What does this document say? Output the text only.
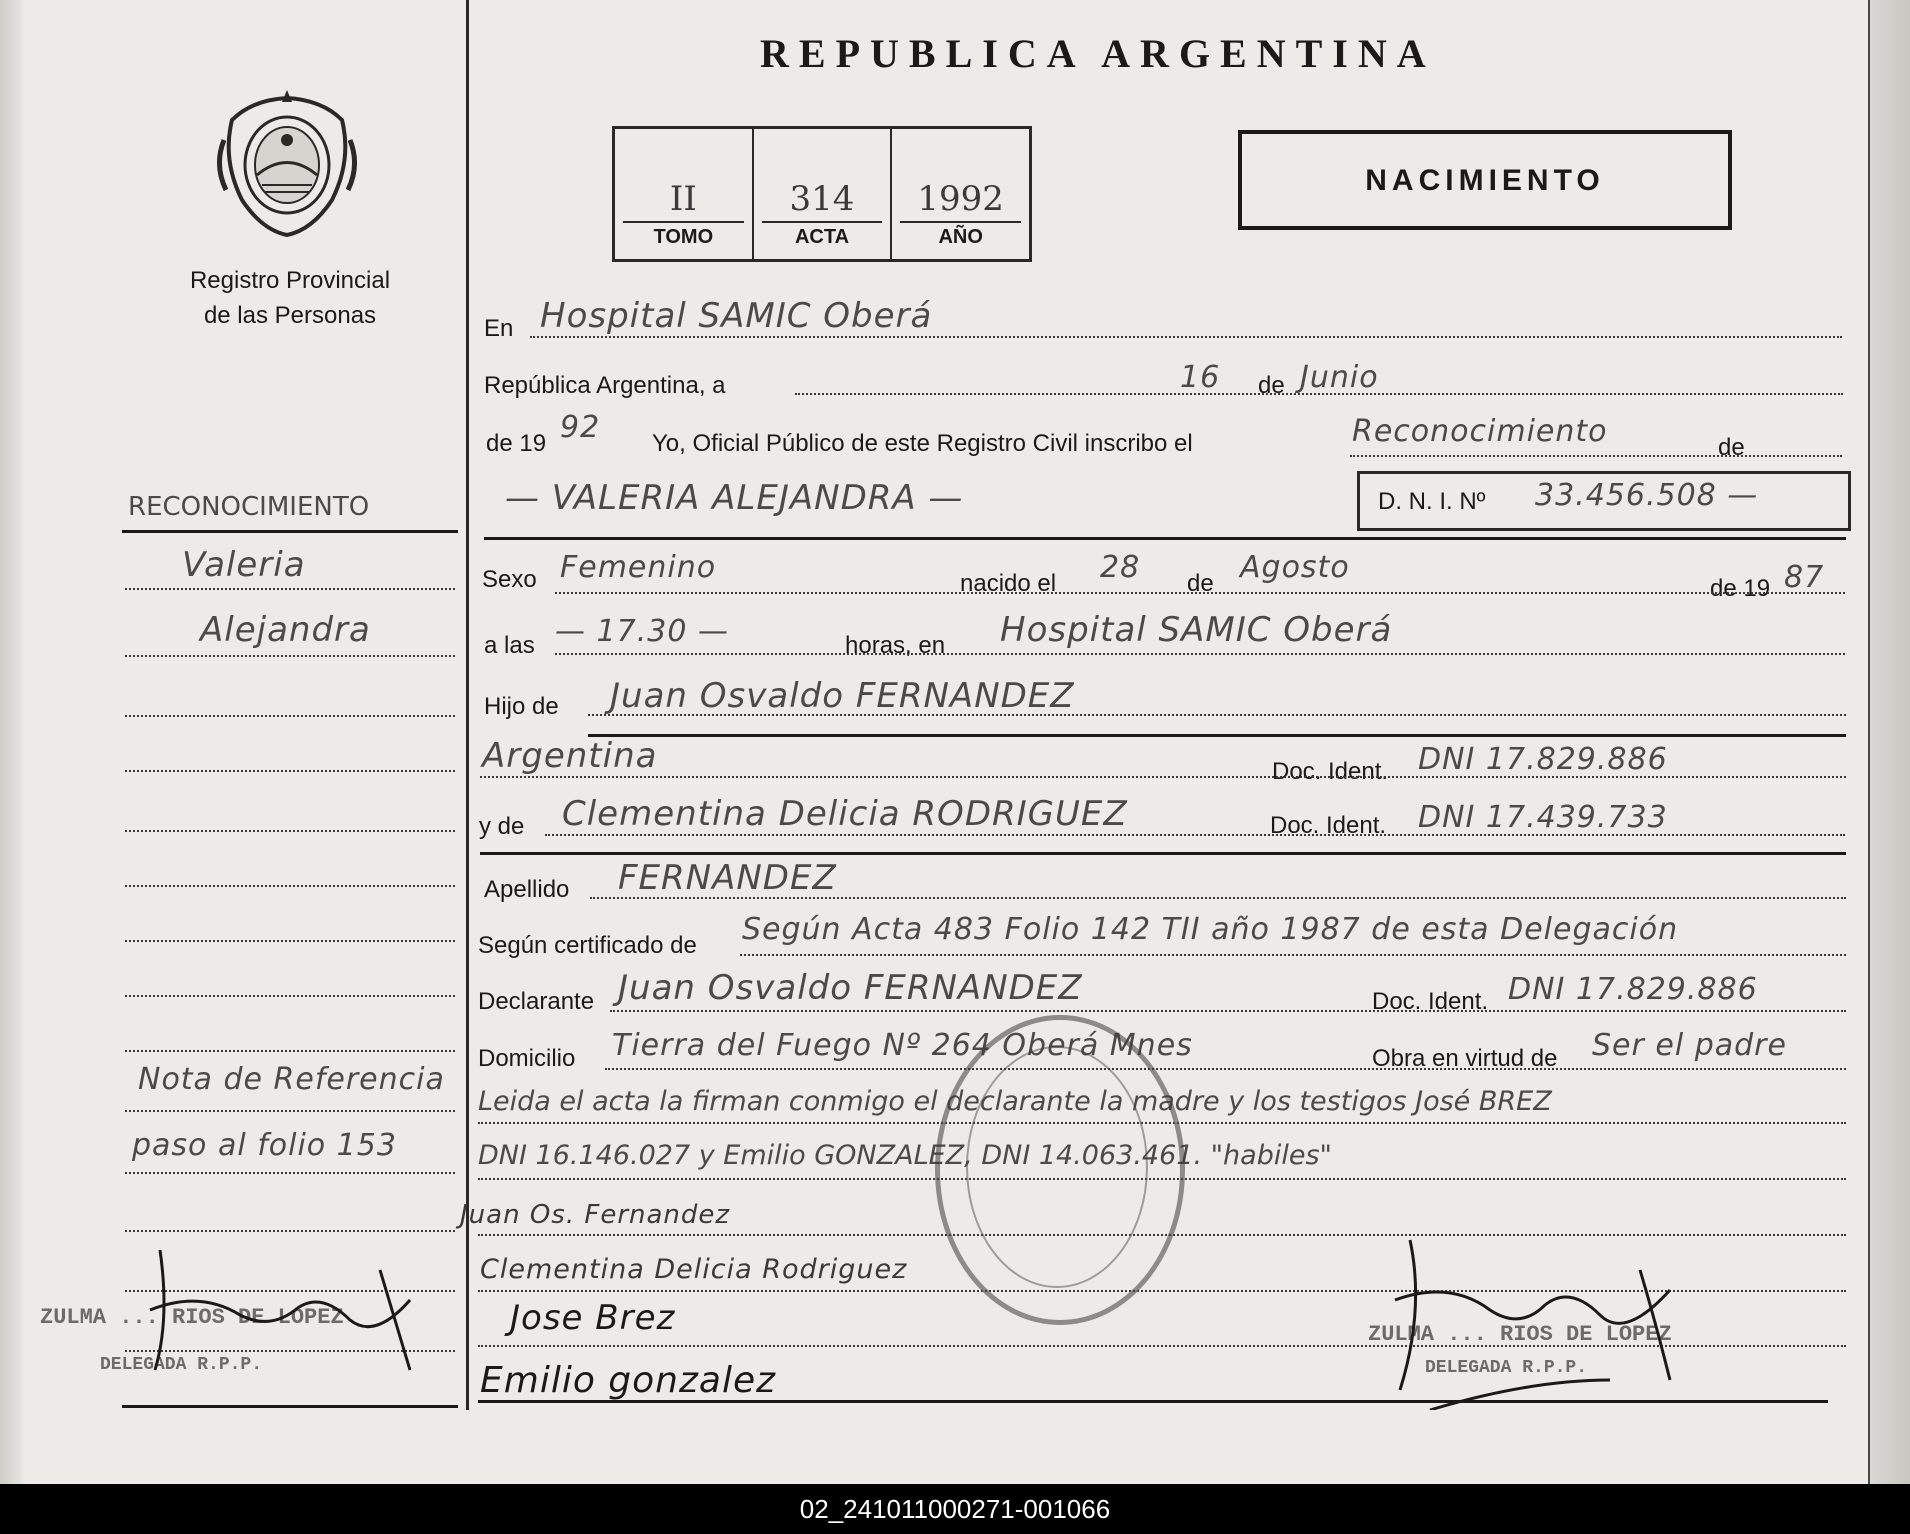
Registro Provincial
de las Personas
REPUBLICA ARGENTINA
II
TOMO
314
ACTA
1992
AÑO
NACIMIENTO
RECONOCIMIENTO
Valeria
Alejandra
Nota de Referencia
paso al folio 153
ZULMA ... RIOS DE LOPEZ
DELEGADA R.P.P.
En Hospital SAMIC Oberá
República Argentina, a	16 de Junio
de 19 92 Yo, Oficial Público de este Registro Civil inscribo el	Reconocimiento	de
— VALERIA ALEJANDRA —	D. N. I. Nº 33.456.508 —
Sexo Femenino	nacido el 28 de Agosto
de 19 87
a las — 17.30 —	horas, en Hospital SAMIC Oberá
Hijo de Juan Osvaldo FERNANDEZ
Argentina	Doc. Ident. DNI 17.829.886
y de Clementina Delicia RODRIGUEZ	Doc. Ident. DNI 17.439.733
Apellido FERNANDEZ
Según certificado de Según Acta 483 Folio 142 TII año 1987 de esta Delegación
Declarante Juan Osvaldo FERNANDEZ	Doc. Ident. DNI 17.829.886
Domicilio Tierra del Fuego Nº 264 Oberá Mnes	Obra en virtud de Ser el padre
Leida el acta la firman conmigo el declarante la madre y los testigos José BREZ
DNI 16.146.027 y Emilio GONZALEZ, DNI 14.063.461. "habiles"
Juan Os. Fernandez
Clementina Delicia Rodriguez
Jose Brez
Emilio gonzalez
ZULMA ... RIOS DE LOPEZ
DELEGADA R.P.P.
02_241011000271-001066
